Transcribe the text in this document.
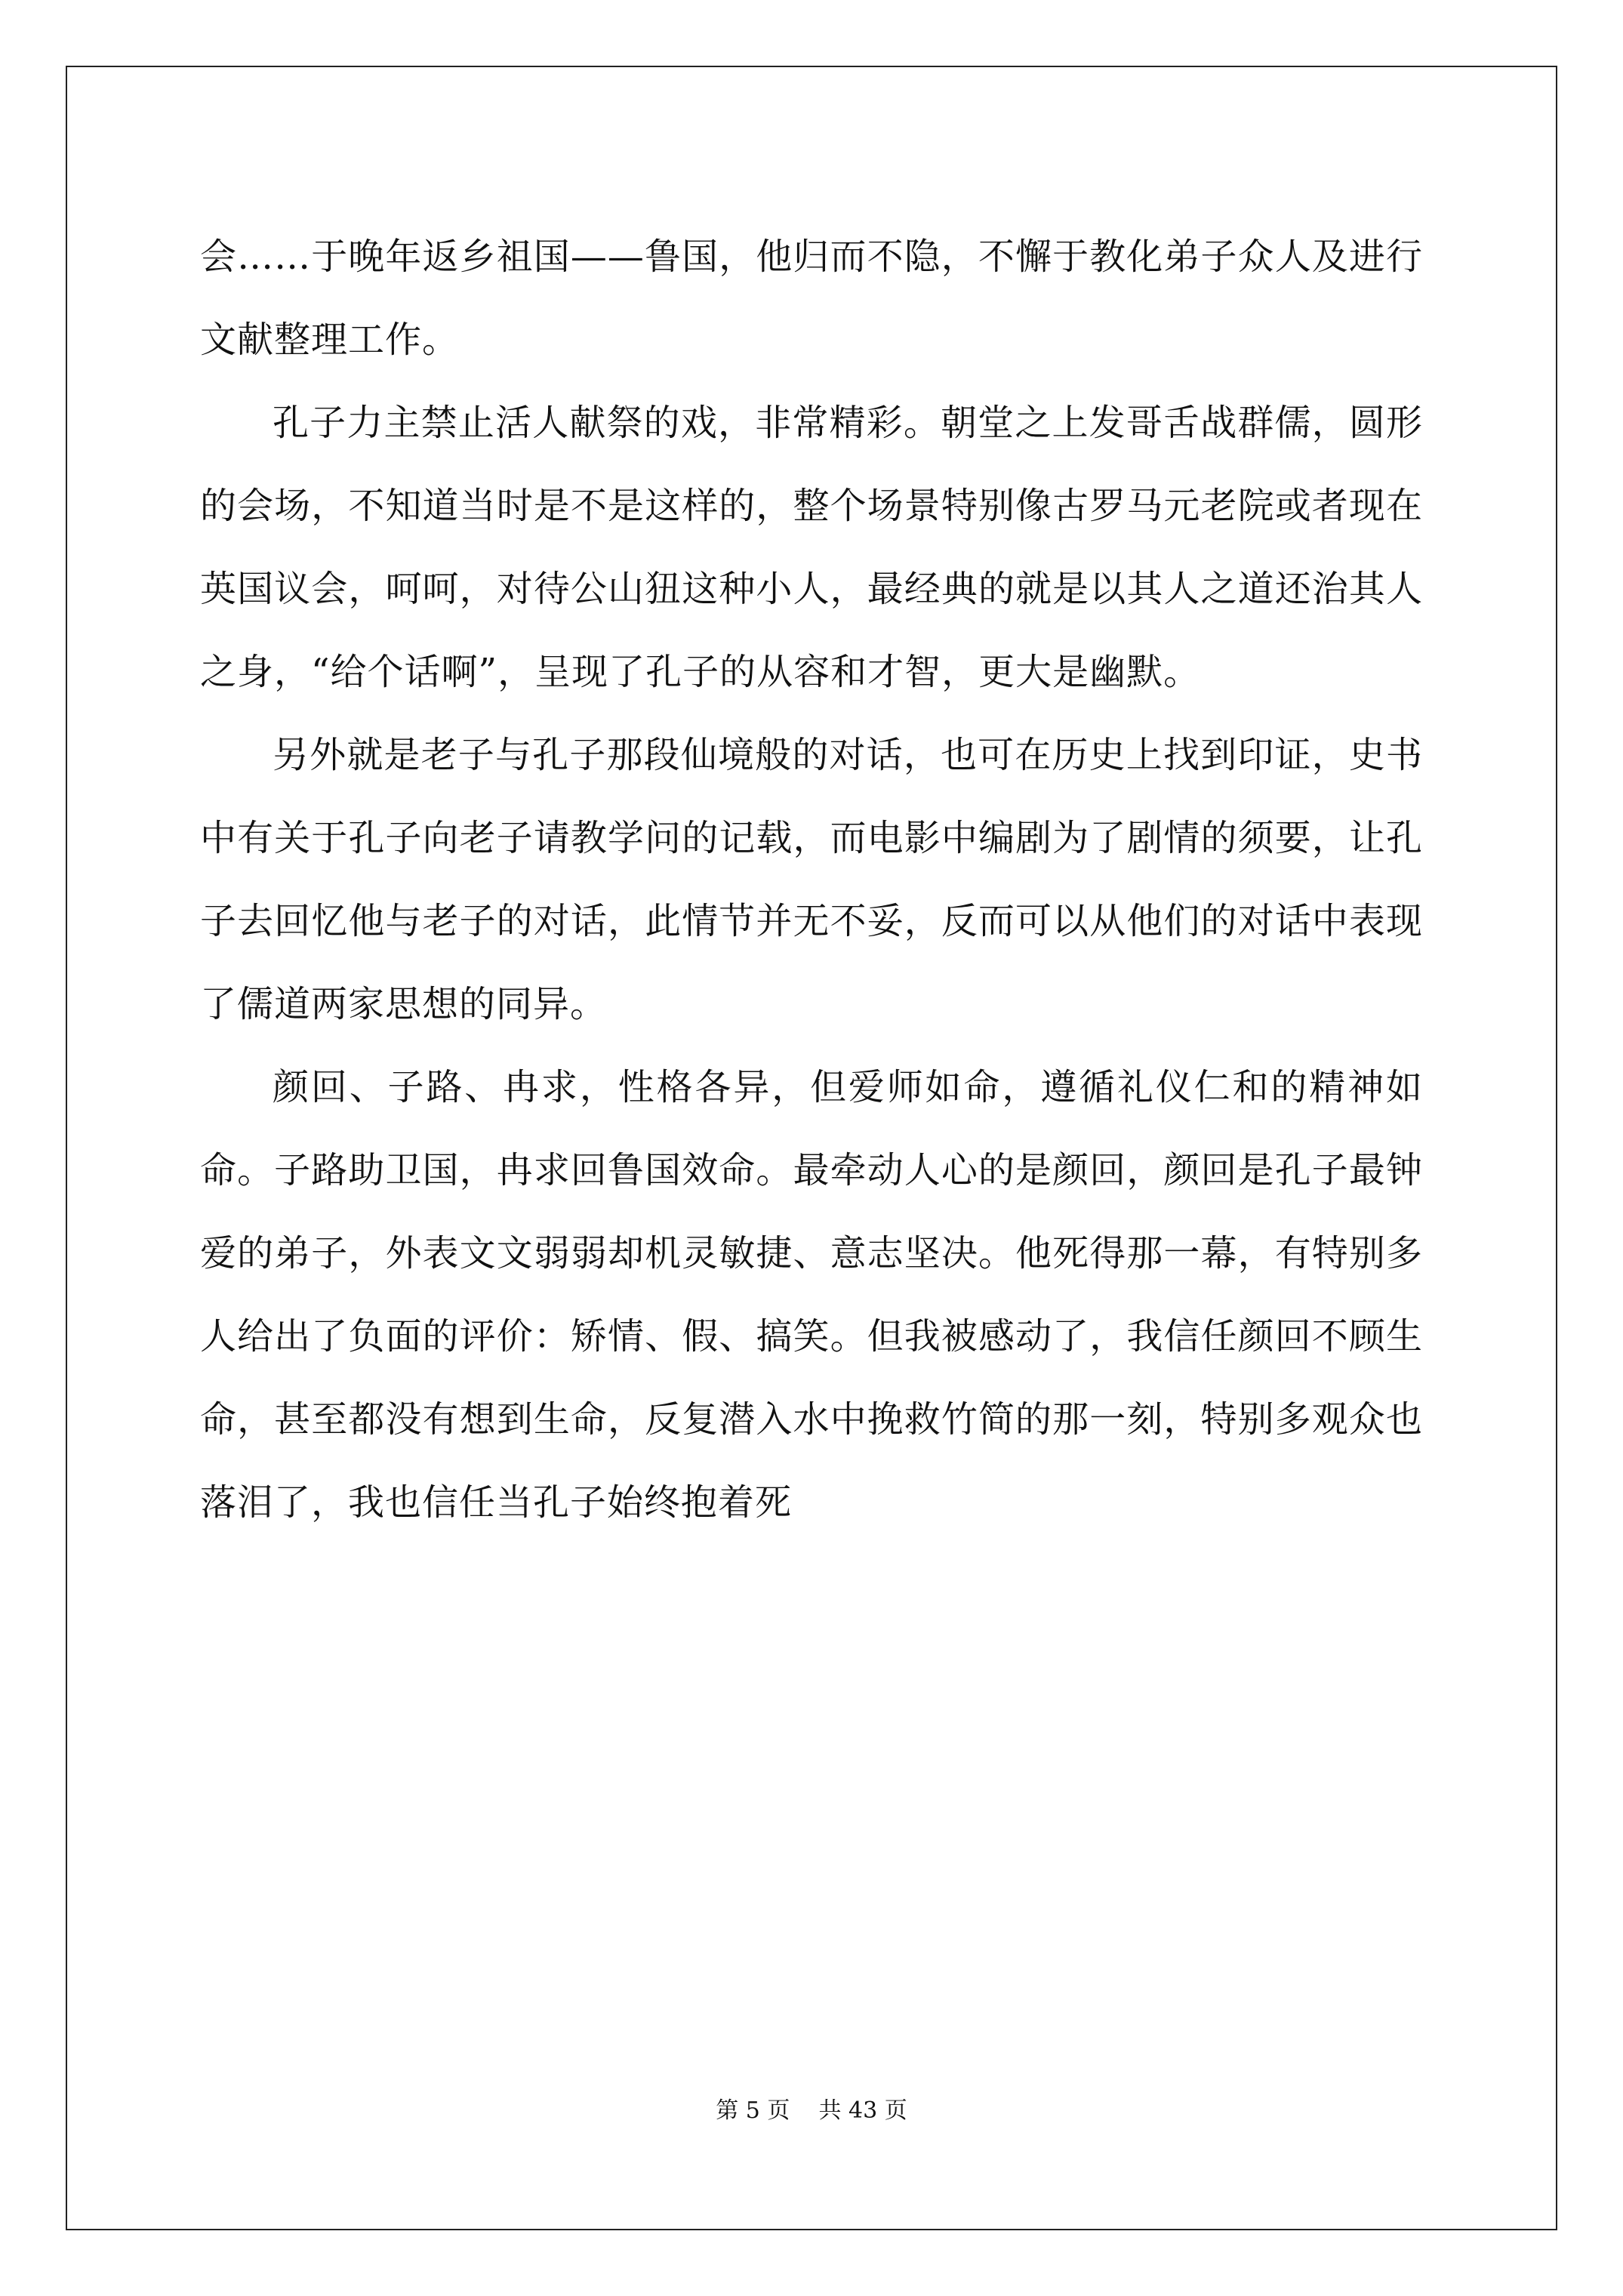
会……于晚年返乡祖国——鲁国，他归而不隐，不懈于教化弟子众人及进行文献整理工作。

孔子力主禁止活人献祭的戏，非常精彩。朝堂之上发哥舌战群儒，圆形的会场，不知道当时是不是这样的，整个场景特别像古罗马元老院或者现在英国议会，呵呵，对待公山狃这种小人，最经典的就是以其人之道还治其人之身，“给个话啊”，呈现了孔子的从容和才智，更大是幽默。

另外就是老子与孔子那段仙境般的对话，也可在历史上找到印证，史书中有关于孔子向老子请教学问的记载，而电影中编剧为了剧情的须要，让孔子去回忆他与老子的对话，此情节并无不妥，反而可以从他们的对话中表现了儒道两家思想的同异。

颜回、子路、冉求，性格各异，但爱师如命，遵循礼仪仁和的精神如命。子路助卫国，冉求回鲁国效命。最牵动人心的是颜回，颜回是孔子最钟爱的弟子，外表文文弱弱却机灵敏捷、意志坚决。他死得那一幕，有特别多人给出了负面的评价：矫情、假、搞笑。但我被感动了，我信任颜回不顾生命，甚至都没有想到生命，反复潜入水中挽救竹简的那一刻，特别多观众也落泪了，我也信任当孔子始终抱着死

第 5 页    共 43 页
